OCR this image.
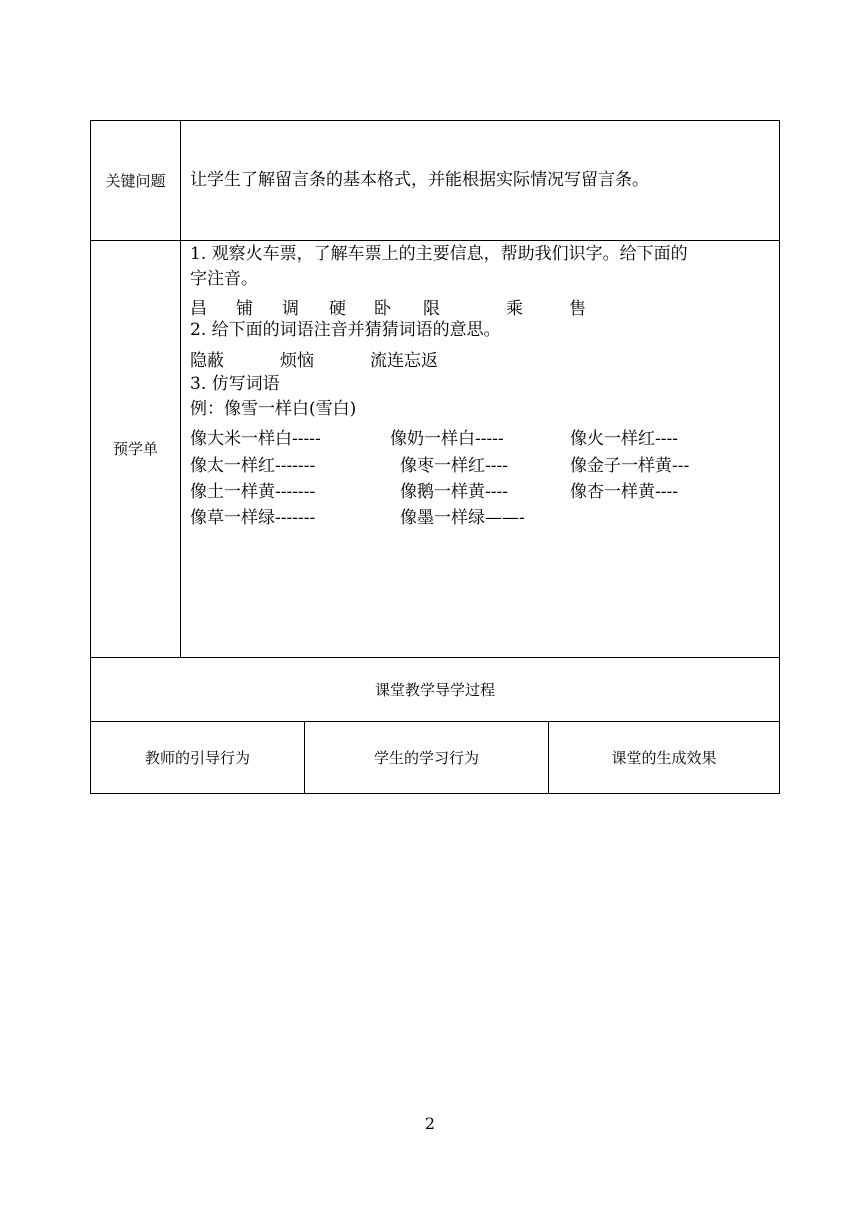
关键问题	让学生了解留言条的基本格式，并能根据实际情况写留言条。
预学单
1. 观察火车票，了解车票上的主要信息，帮助我们识字。给下面的
字注音。
昌 铺 调 硬 卧 限	乘	售
2. 给下面的词语注音并猜猜词语的意思。
隐蔽	烦恼	流连忘返
3. 仿写词语
例：像雪一样白(雪白)
像大米一样白-----	像奶一样白-----	像火一样红----
像太一样红-------	像枣一样红----	像金子一样黄---
像土一样黄-------	像鹅一样黄----	像杏一样黄----
像草一样绿-------	像墨一样绿——-
课堂教学导学过程
教师的引导行为	学生的学习行为	课堂的生成效果
2
